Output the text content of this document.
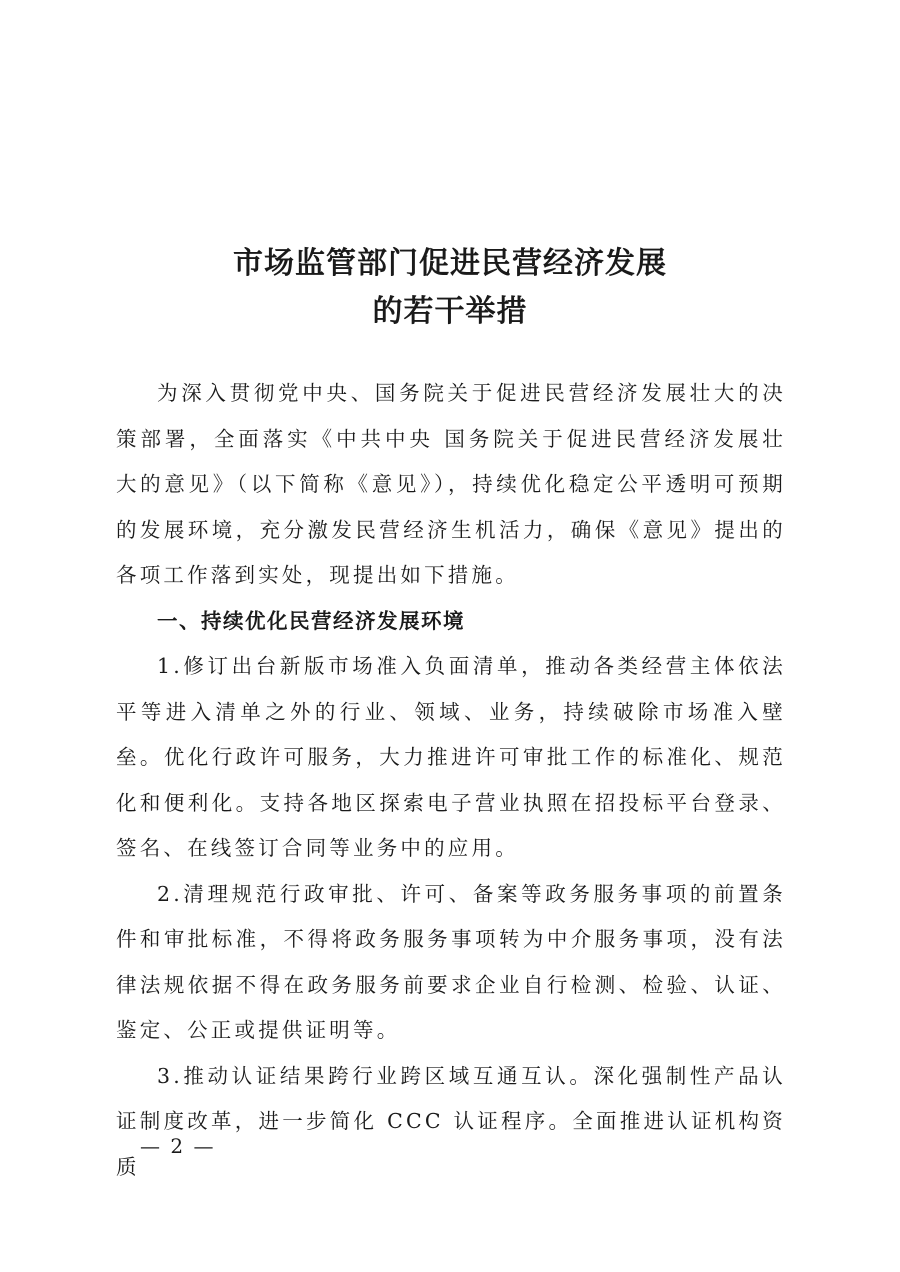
市场监管部门促进民营经济发展
的若干举措

为深入贯彻党中央、国务院关于促进民营经济发展壮大的决策部署，全面落实《中共中央 国务院关于促进民营经济发展壮大的意见》（以下简称《意见》），持续优化稳定公平透明可预期的发展环境，充分激发民营经济生机活力，确保《意见》提出的各项工作落到实处，现提出如下措施。

一、持续优化民营经济发展环境

1.修订出台新版市场准入负面清单，推动各类经营主体依法平等进入清单之外的行业、领域、业务，持续破除市场准入壁垒。优化行政许可服务，大力推进许可审批工作的标准化、规范化和便利化。支持各地区探索电子营业执照在招投标平台登录、签名、在线签订合同等业务中的应用。

2.清理规范行政审批、许可、备案等政务服务事项的前置条件和审批标准，不得将政务服务事项转为中介服务事项，没有法律法规依据不得在政务服务前要求企业自行检测、检验、认证、鉴定、公正或提供证明等。

3.推动认证结果跨行业跨区域互通互认。深化强制性产品认证制度改革，进一步简化 CCC 认证程序。全面推进认证机构资质

— 2 —
